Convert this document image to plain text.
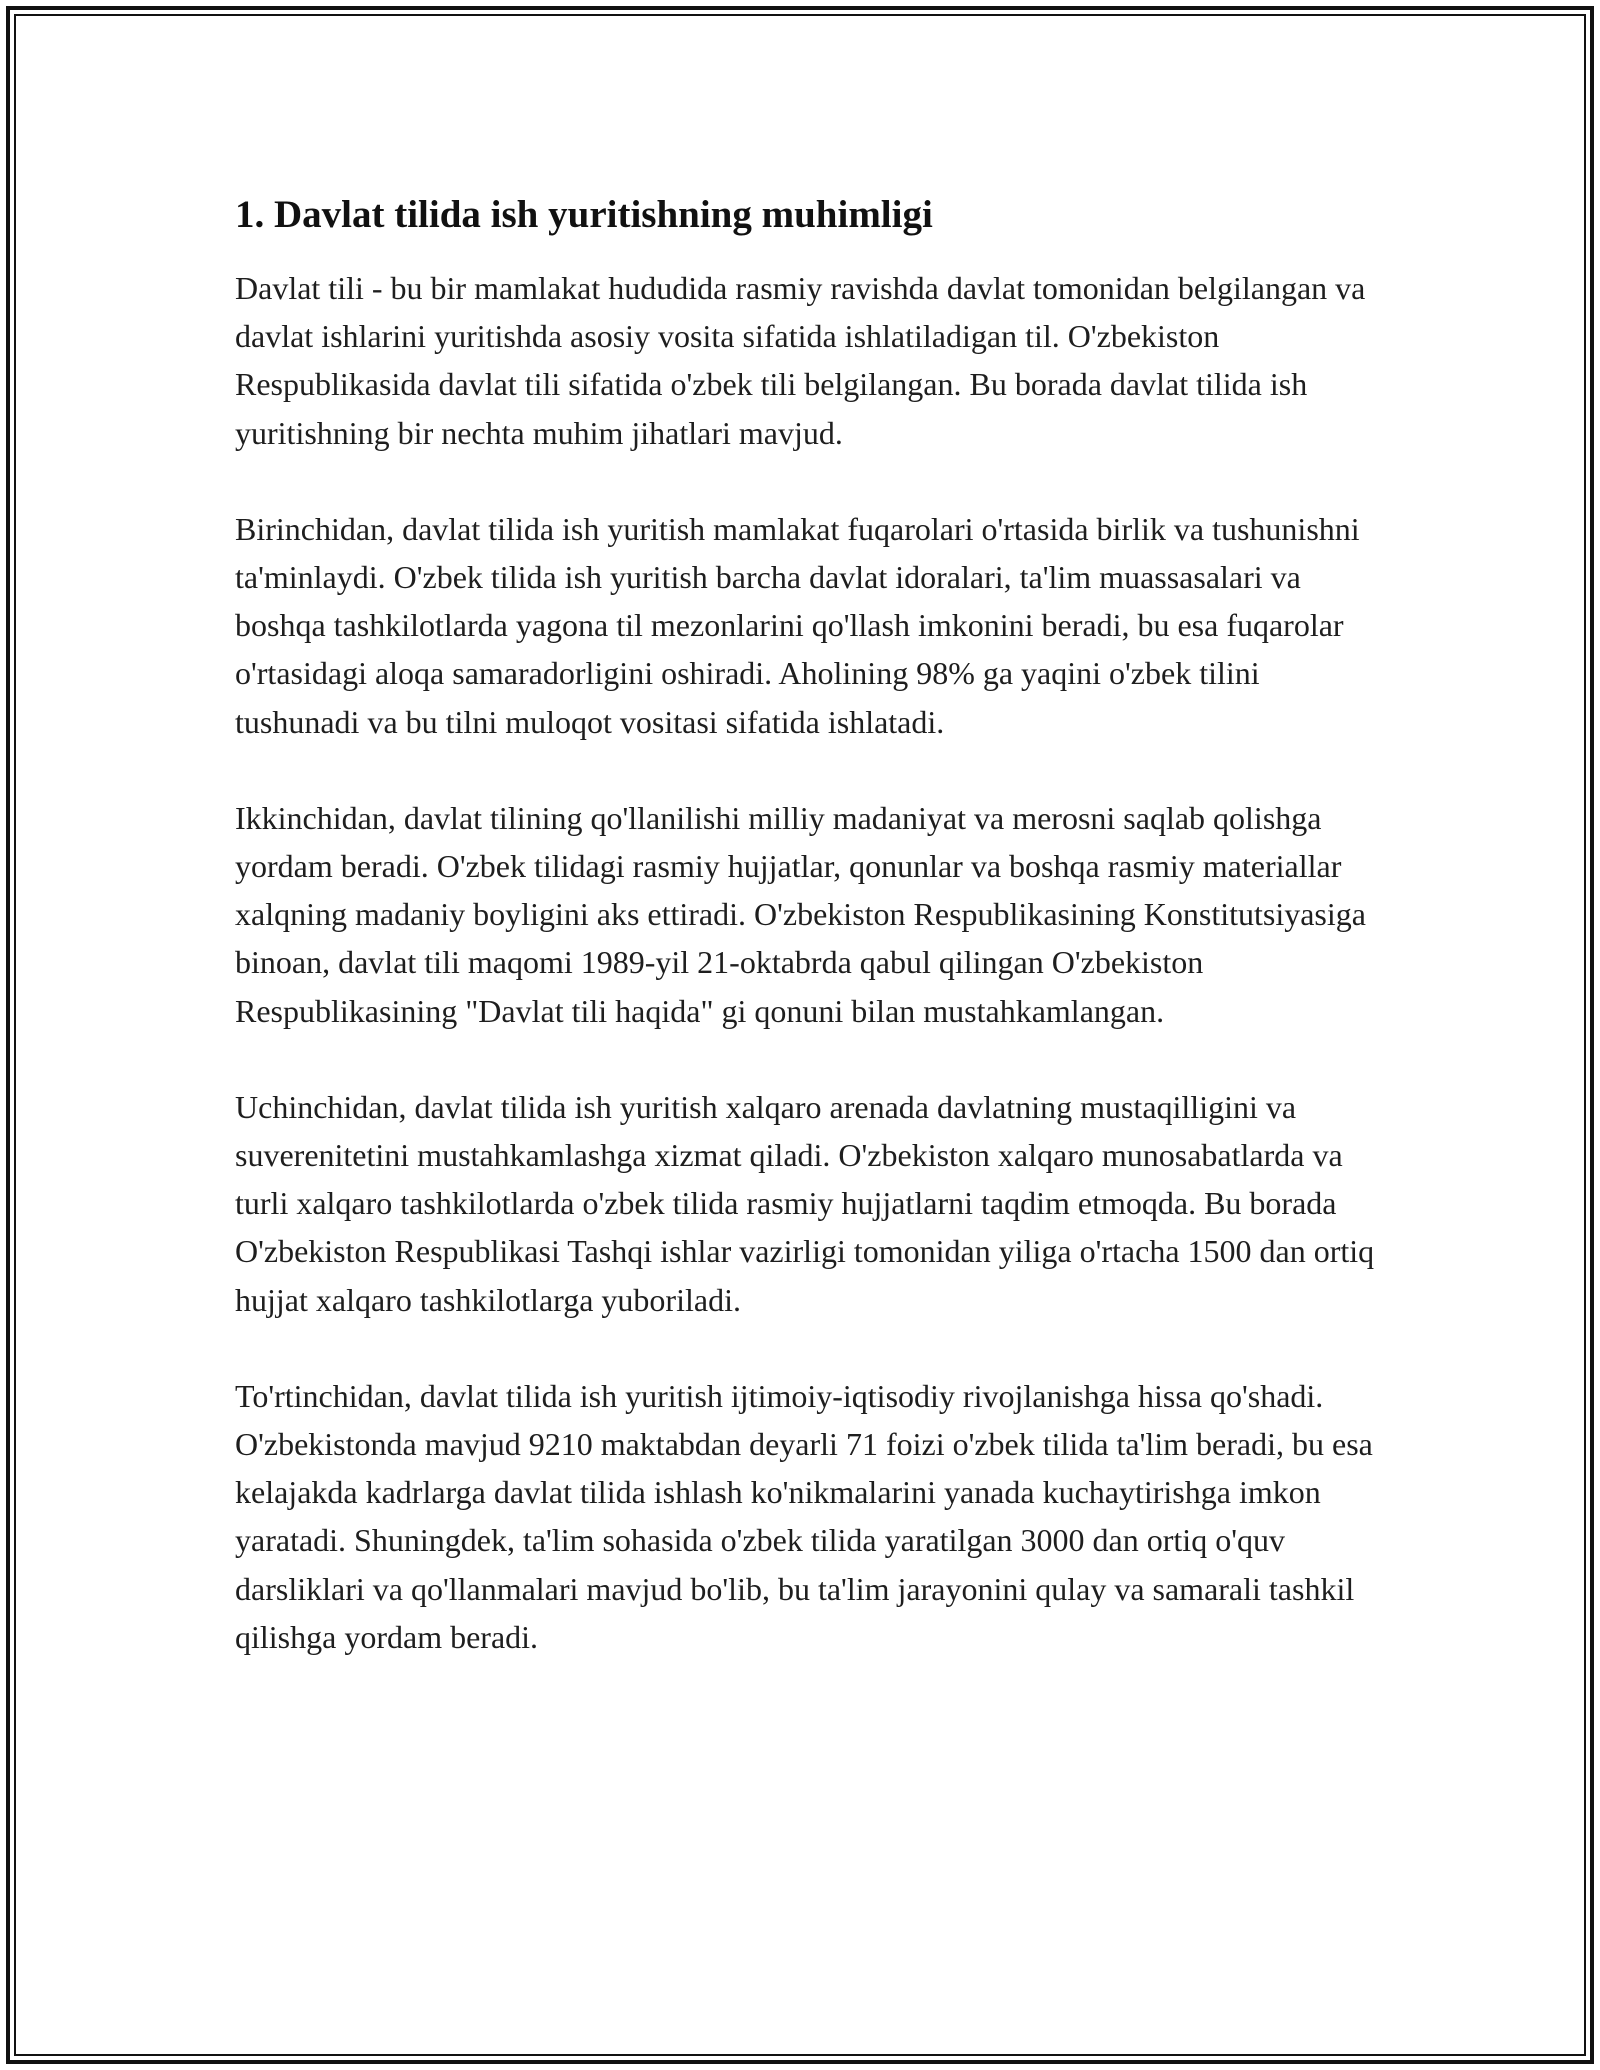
1. Davlat tilida ish yuritishning muhimligi

Davlat tili - bu bir mamlakat hududida rasmiy ravishda davlat tomonidan belgilangan va davlat ishlarini yuritishda asosiy vosita sifatida ishlatiladigan til. O'zbekiston Respublikasida davlat tili sifatida o'zbek tili belgilangan. Bu borada davlat tilida ish yuritishning bir nechta muhim jihatlari mavjud.

Birinchidan, davlat tilida ish yuritish mamlakat fuqarolari o'rtasida birlik va tushunishni ta'minlaydi. O'zbek tilida ish yuritish barcha davlat idoralari, ta'lim muassasalari va boshqa tashkilotlarda yagona til mezonlarini qo'llash imkonini beradi, bu esa fuqarolar o'rtasidagi aloqa samaradorligini oshiradi. Aholining 98% ga yaqini o'zbek tilini tushunadi va bu tilni muloqot vositasi sifatida ishlatadi.

Ikkinchidan, davlat tilining qo'llanilishi milliy madaniyat va merosni saqlab qolishga yordam beradi. O'zbek tilidagi rasmiy hujjatlar, qonunlar va boshqa rasmiy materiallar xalqning madaniy boyligini aks ettiradi. O'zbekiston Respublikasining Konstitutsiyasiga binoan, davlat tili maqomi 1989-yil 21-oktabrda qabul qilingan O'zbekiston Respublikasining "Davlat tili haqida" gi qonuni bilan mustahkamlangan.

Uchinchidan, davlat tilida ish yuritish xalqaro arenada davlatning mustaqilligini va suverenitetini mustahkamlashga xizmat qiladi. O'zbekiston xalqaro munosabatlarda va turli xalqaro tashkilotlarda o'zbek tilida rasmiy hujjatlarni taqdim etmoqda. Bu borada O'zbekiston Respublikasi Tashqi ishlar vazirligi tomonidan yiliga o'rtacha 1500 dan ortiq hujjat xalqaro tashkilotlarga yuboriladi.

To'rtinchidan, davlat tilida ish yuritish ijtimoiy-iqtisodiy rivojlanishga hissa qo'shadi. O'zbekistonda mavjud 9210 maktabdan deyarli 71 foizi o'zbek tilida ta'lim beradi, bu esa kelajakda kadrlarga davlat tilida ishlash ko'nikmalarini yanada kuchaytirishga imkon yaratadi. Shuningdek, ta'lim sohasida o'zbek tilida yaratilgan 3000 dan ortiq o'quv darsliklari va qo'llanmalari mavjud bo'lib, bu ta'lim jarayonini qulay va samarali tashkil qilishga yordam beradi.
